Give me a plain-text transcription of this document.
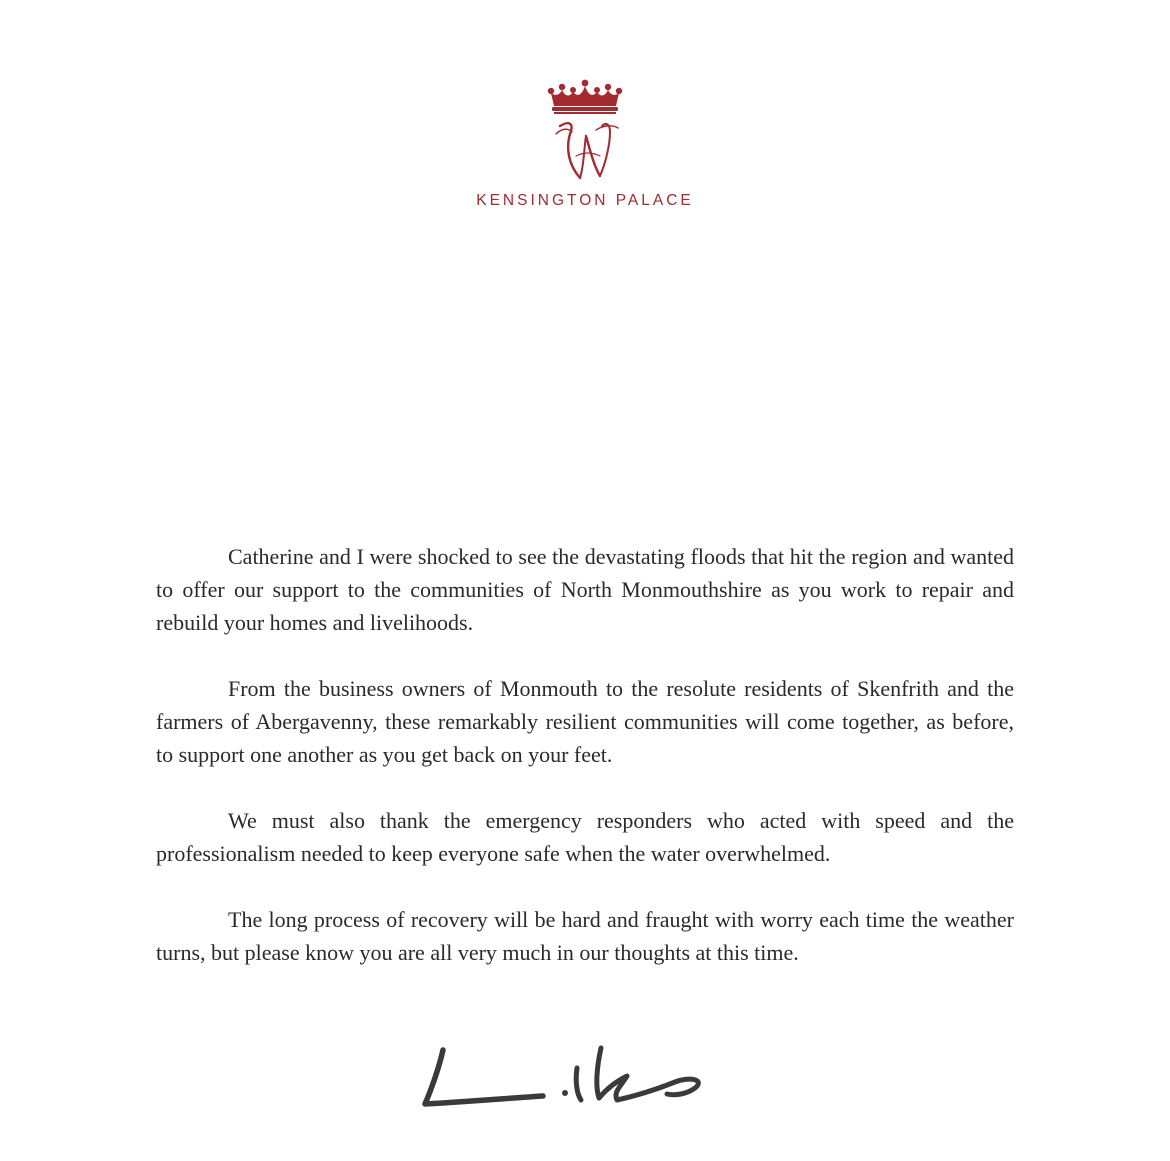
KENSINGTON PALACE

Catherine and I were shocked to see the devastating floods that hit the region and wanted to offer our support to the communities of North Monmouthshire as you work to repair and rebuild your homes and livelihoods.

From the business owners of Monmouth to the resolute residents of Skenfrith and the farmers of Abergavenny, these remarkably resilient communities will come together, as before, to support one another as you get back on your feet.

We must also thank the emergency responders who acted with speed and the professionalism needed to keep everyone safe when the water overwhelmed.

The long process of recovery will be hard and fraught with worry each time the weather turns, but please know you are all very much in our thoughts at this time.
